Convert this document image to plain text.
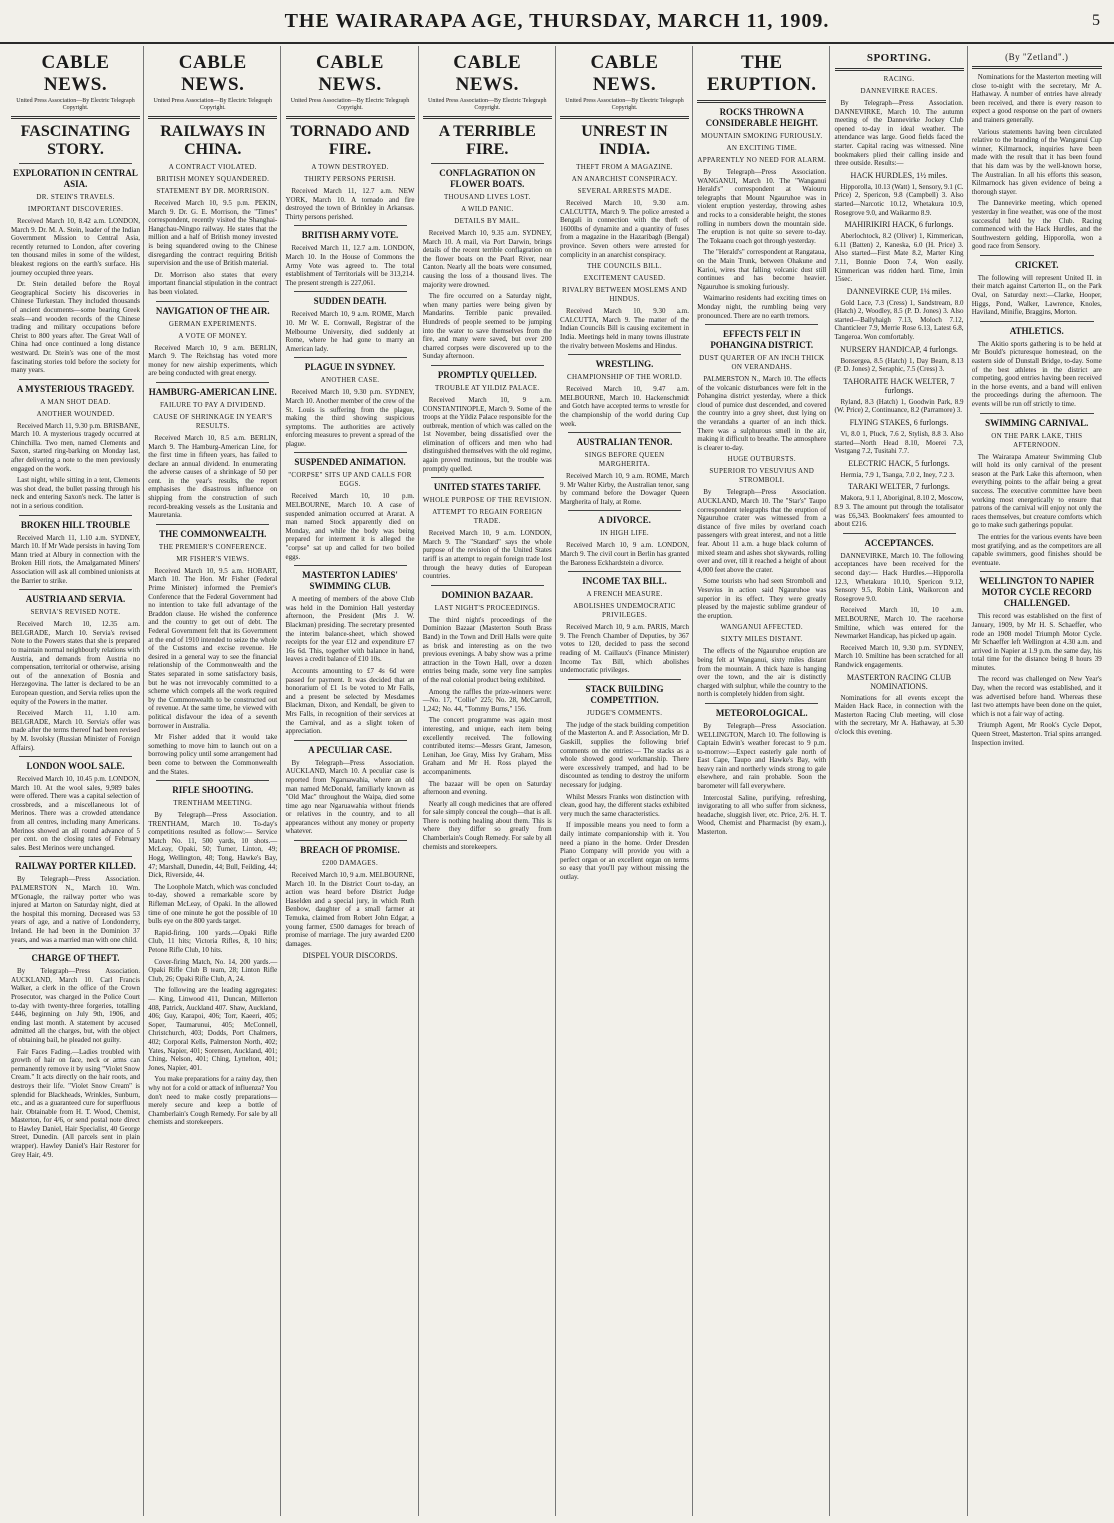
THE WAIRARAPA AGE, THURSDAY, MARCH 11, 1909.	5
CABLE NEWS.
United Press Association—By Electric Telegraph Copyright.
FASCINATING STORY.
EXPLORATION IN CENTRAL ASIA.
DR. STEIN'S TRAVELS.
IMPORTANT DISCOVERIES.
Received March 10, 8.42 a.m. LONDON, March 9. Dr. M. A. Stein, leader of the Indian Government Mission to Central Asia, recently returned to London, after covering ten thousand miles in some of the wildest, bleakest regions on the earth's surface. His journey occupied three years.
Dr. Stein detailed before the Royal Geographical Society his discoveries in Chinese Turkestan. They included thousands of ancient documents—some bearing Greek seals—and wooden records of the Chinese trading and military occupations before Christ to 800 years after. The Great Wall of China had once continued a long distance westward. Dr. Stein's was one of the most fascinating stories told before the society for many years.
A MYSTERIOUS TRAGEDY.
A MAN SHOT DEAD.
ANOTHER WOUNDED.
Received March 11, 9.30 p.m. BRISBANE, March 10. A mysterious tragedy occurred at Chinchilla. Two men, named Clements and Saxon, started ring-barking on Monday last, after delivering a note to the men previously engaged on the work.
Last night, while sitting in a tent, Clements was shot dead, the bullet passing through his neck and entering Saxon's neck. The latter is not in a serious condition.
BROKEN HILL TROUBLE
Received March 11, 1.10 a.m. SYDNEY, March 10. If Mr Wade persists in having Tom Mann tried at Albury in connection with the Broken Hill riots, the Amalgamated Miners' Association will ask all combined unionists at the Barrier to strike.
AUSTRIA AND SERVIA.
SERVIA'S REVISED NOTE.
Received March 10, 12.35 a.m. BELGRADE, March 10. Servia's revised Note to the Powers states that she is prepared to maintain normal neighbourly relations with Austria, and demands from Austria no compensation, territorial or otherwise, arising out of the annexation of Bosnia and Herzegovina. The latter is declared to be an European question, and Servia relies upon the equity of the Powers in the matter.
Received March 11, 1.10 a.m. BELGRADE, March 10. Servia's offer was made after the terms thereof had been revised by M. Isvolsky (Russian Minister of Foreign Affairs).
LONDON WOOL SALE.
Received March 10, 10.45 p.m. LONDON, March 10. At the wool sales, 9,989 bales were offered. There was a capital selection of crossbreds, and a miscellaneous lot of Merinos. There was a crowded attendance from all centres, including many Americans. Merinos showed an all round advance of 5 per cent. on the closing rates of February sales. Best Merinos were unchanged.
RAILWAY PORTER KILLED.
By Telegraph—Press Association. PALMERSTON N., March 10. Wm. M'Gonagle, the railway porter who was injured at Marton on Saturday night, died at the hospital this morning. Deceased was 53 years of age, and a native of Londonderry, Ireland. He had been in the Dominion 37 years, and was a married man with one child.
CHARGE OF THEFT.
By Telegraph—Press Association. AUCKLAND, March 10. Carl Francis Walker, a clerk in the office of the Crown Prosecutor, was charged in the Police Court to-day with twenty-three forgeries, totalling £446, beginning on July 9th, 1906, and ending last month. A statement by accused admitted all the charges, but, with the object of obtaining bail, he pleaded not guilty.
Fair Faces Fading.—Ladies troubled with growth of hair on face, neck or arms can permanently remove it by using "Violet Snow Cream." It acts directly on the hair roots, and destroys their life. "Violet Snow Cream" is splendid for Blackheads, Wrinkles, Sunburn, etc., and as a guaranteed cure for superfluous hair. Obtainable from H. T. Wood, Chemist, Masterton, for 4/6, or send postal note direct to Hawley Daniel, Hair Specialist, 40 George Street, Dunedin. (All parcels sent in plain wrapper). Hawley Daniel's Hair Restorer for Grey Hair, 4/9.
CABLE NEWS.
United Press Association—By Electric Telegraph Copyright.
RAILWAYS IN CHINA.
A CONTRACT VIOLATED.
BRITISH MONEY SQUANDERED.
STATEMENT BY DR. MORRISON.
Received March 10, 9.5 p.m. PEKIN, March 9. Dr. G. E. Morrison, the "Times" correspondent, recently visited the Shanghai-Hangchau-Ningpo railway. He states that the million and a half of British money invested is being squandered owing to the Chinese disregarding the contract requiring British supervision and the use of British material.
Dr. Morrison also states that every important financial stipulation in the contract has been violated.
NAVIGATION OF THE AIR.
GERMAN EXPERIMENTS.
A VOTE OF MONEY.
Received March 10, 9 a.m. BERLIN, March 9. The Reichstag has voted more money for new airship experiments, which are being conducted with great energy.
HAMBURG-AMERICAN LINE.
FAILURE TO PAY A DIVIDEND.
CAUSE OF SHRINKAGE IN YEAR'S RESULTS.
Received March 10, 8.5 a.m. BERLIN, March 9. The Hamburg-American Line, for the first time in fifteen years, has failed to declare an annual dividend. In enumerating the adverse causes of a shrinkage of 50 per cent. in the year's results, the report emphasises the disastrous influence on shipping from the construction of such record-breaking vessels as the Lusitania and Mauretania.
THE COMMONWEALTH.
THE PREMIER'S CONFERENCE.
MR FISHER'S VIEWS.
Received March 10, 9.5 a.m. HOBART, March 10. The Hon. Mr Fisher (Federal Prime Minister) informed the Premier's Conference that the Federal Government had no intention to take full advantage of the Braddon clause. He wished the conference and the country to get out of debt. The Federal Government felt that its Government at the end of 1910 intended to seize the whole of the Customs and excise revenue. He desired in a general way to see the financial relationship of the Commonwealth and the States separated in some satisfactory basis, but he was not irrevocably committed to a scheme which compels all the work required by the Commonwealth to be constructed out of revenue. At the same time, he viewed with political disfavour the idea of a seventh borrower in Australia.
Mr Fisher added that it would take something to move him to launch out on a borrowing policy until some arrangement had been come to between the Commonwealth and the States.
RIFLE SHOOTING.
TRENTHAM MEETING.
By Telegraph—Press Association. TRENTHAM, March 10. To-day's competitions resulted as follow:— Service Match No. 11, 500 yards, 10 shots.—McLeay, Opaki, 50; Turner, Linton, 49; Hogg, Wellington, 48; Tong, Hawke's Bay, 47; Marshall, Dunedin, 44; Bull, Feilding, 44; Dick, Riverside, 44.
The Loophole Match, which was concluded to-day, showed a remarkable score by Rifleman McLeay, of Opaki. In the allowed time of one minute he got the possible of 10 bulls eye on the 800 yards target.
Rapid-firing, 100 yards.—Opaki Rifle Club, 11 hits; Victoria Rifles, 8, 10 hits; Petone Rifle Club, 10 hits.
Cover-firing Match, No. 14, 200 yards.—Opaki Rifle Club B team, 28; Linton Rifle Club, 26; Opaki Rifle Club, A, 24.
The following are the leading aggregates:— King, Linwood 411, Duncan, Millerton 408, Patrick, Auckland 407. Shaw, Auckland, 406; Guy, Karapoi, 406; Torr, Kaeeri, 405; Soper, Taumarunui, 405; McConnell, Christchurch, 403; Dodds, Port Chalmers, 402; Corporal Kells, Palmerston North, 402; Yates, Napier, 401; Sorensen, Auckland, 401; Ching, Nelson, 401; Ching, Lyttelton, 401; Jones, Napier, 401.
You make preparations for a rainy day, then why not for a cold or attack of influenza? You don't need to make costly preparations—merely secure and keep a bottle of Chamberlain's Cough Remedy. For sale by all chemists and storekeepers.
CABLE NEWS.
United Press Association—By Electric Telegraph Copyright.
TORNADO AND FIRE.
A TOWN DESTROYED.
THIRTY PERSONS PERISH.
Received March 11, 12.7 a.m. NEW YORK, March 10. A tornado and fire destroyed the town of Brinkley in Arkansas. Thirty persons perished.
BRITISH ARMY VOTE.
Received March 11, 12.7 a.m. LONDON, March 10. In the House of Commons the Army Vote was agreed to. The total establishment of Territorials will be 313,214. The present strength is 227,061.
SUDDEN DEATH.
Received March 10, 9 a.m. ROME, March 10. Mr W. E. Cornwall, Registrar of the Melbourne University, died suddenly at Rome, where he had gone to marry an American lady.
PLAGUE IN SYDNEY.
ANOTHER CASE.
Received March 10, 9.30 p.m. SYDNEY, March 10. Another member of the crew of the St. Louis is suffering from the plague, making the third showing suspicious symptoms. The authorities are actively enforcing measures to prevent a spread of the plague.
SUSPENDED ANIMATION.
"CORPSE" SITS UP AND CALLS FOR EGGS.
Received March 10, 10 p.m. MELBOURNE, March 10. A case of suspended animation occurred at Ararat. A man named Stock apparently died on Monday, and while the body was being prepared for interment it is alleged the "corpse" sat up and called for two boiled eggs.
MASTERTON LADIES' SWIMMING CLUB.
A meeting of members of the above Club was held in the Dominion Hall yesterday afternoon, the President (Mrs J. W. Blackman) presiding. The secretary presented the interim balance-sheet, which showed receipts for the year £12 and expenditure £7 16s 6d. This, together with balance in hand, leaves a credit balance of £10 10s.
Accounts amounting to £7 4s 6d were passed for payment. It was decided that an honorarium of £1 1s be voted to Mr Falls, and a present be selected by Mesdames Blackman, Dixon, and Kendall, be given to Mrs Falls, in recognition of their services at the Carnival, and as a slight token of appreciation.
A PECULIAR CASE.
By Telegraph—Press Association. AUCKLAND, March 10. A peculiar case is reported from Ngaruawahia, where an old man named McDonald, familiarly known as "Old Mac" throughout the Waipa, died some time ago near Ngaruawahia without friends or relatives in the country, and to all appearances without any money or property whatever.
BREACH OF PROMISE.
£200 DAMAGES.
Received March 10, 9 a.m. MELBOURNE, March 10. In the District Court to-day, an action was heard before District Judge Haselden and a special jury, in which Ruth Benbow, daughter of a small farmer at Temuka, claimed from Robert John Edgar, a young farmer, £500 damages for breach of promise of marriage. The jury awarded £200 damages.
DISPEL YOUR DISCORDS.
CABLE NEWS.
United Press Association—By Electric Telegraph Copyright.
A TERRIBLE FIRE.
CONFLAGRATION ON FLOWER BOATS.
THOUSAND LIVES LOST.
A WILD PANIC.
DETAILS BY MAIL.
Received March 10, 9.35 a.m. SYDNEY, March 10. A mail, via Port Darwin, brings details of the recent terrible conflagration on the flower boats on the Pearl River, near Canton. Nearly all the boats were consumed, causing the loss of a thousand lives. The majority were drowned.
The fire occurred on a Saturday night, when many parties were being given by Mandarins. Terrible panic prevailed. Hundreds of people seemed to be jumping into the water to save themselves from the fire, and many were saved, but over 200 charred corpses were discovered up to the Sunday afternoon.
PROMPTLY QUELLED.
TROUBLE AT YILDIZ PALACE.
Received March 10, 9 a.m. CONSTANTINOPLE, March 9. Some of the troops at the Yildiz Palace responsible for the outbreak, mention of which was called on the 1st November, being dissatisfied over the elimination of officers and men who had distinguished themselves with the old regime, again proved mutinous, but the trouble was promptly quelled.
UNITED STATES TARIFF.
WHOLE PURPOSE OF THE REVISION.
ATTEMPT TO REGAIN FOREIGN TRADE.
Received March 10, 9 a.m. LONDON, March 9. The "Standard" says the whole purpose of the revision of the United States tariff is an attempt to regain foreign trade lost through the heavy duties of European countries.
DOMINION BAZAAR.
LAST NIGHT'S PROCEEDINGS.
The third night's proceedings of the Dominion Bazaar (Masterton South Brass Band) in the Town and Drill Halls were quite as brisk and interesting as on the two previous evenings. A baby show was a prime attraction in the Town Hall, over a dozen entries being made, some very fine samples of the real colonial product being exhibited.
Among the raffles the prize-winners were:—No. 17, "Collie" 225; No. 28, McCarroll, 1,242; No. 44, "Tommy Burns," 156.
The concert programme was again most interesting, and unique, each item being excellently received. The following contributed items:—Messrs Grant, Jameson, Lenihan, Joe Gray, Miss Ivy Graham, Miss Graham and Mr H. Ross played the accompaniments.
The bazaar will be open on Saturday afternoon and evening.
Nearly all cough medicines that are offered for sale simply conceal the cough—that is all. There is nothing healing about them. This is where they differ so greatly from Chamberlain's Cough Remedy. For sale by all chemists and storekeepers.
CABLE NEWS.
United Press Association—By Electric Telegraph Copyright.
UNREST IN INDIA.
THEFT FROM A MAGAZINE.
AN ANARCHIST CONSPIRACY.
SEVERAL ARRESTS MADE.
Received March 10, 9.30 a.m. CALCUTTA, March 9. The police arrested a Bengali in connection with the theft of 1600lbs of dynamite and a quantity of fuses from a magazine in the Hazaribagh (Bengal) province. Seven others were arrested for complicity in an anarchist conspiracy.
THE COUNCILS BILL.
EXCITEMENT CAUSED.
RIVALRY BETWEEN MOSLEMS AND HINDUS.
Received March 10, 9.30 a.m. CALCUTTA, March 9. The matter of the Indian Councils Bill is causing excitement in India. Meetings held in many towns illustrate the rivalry between Moslems and Hindus.
WRESTLING.
CHAMPIONSHIP OF THE WORLD.
Received March 10, 9.47 a.m. MELBOURNE, March 10. Hackenschmidt and Gotch have accepted terms to wrestle for the championship of the world during Cup week.
AUSTRALIAN TENOR.
SINGS BEFORE QUEEN MARGHERITA.
Received March 10, 9 a.m. ROME, March 9. Mr Walter Kirby, the Australian tenor, sang by command before the Dowager Queen Margherita of Italy, at Rome.
A DIVORCE.
IN HIGH LIFE.
Received March 10, 9 a.m. LONDON, March 9. The civil court in Berlin has granted the Baroness Eckhardstein a divorce.
INCOME TAX BILL.
A FRENCH MEASURE.
ABOLISHES UNDEMOCRATIC PRIVILEGES.
Received March 10, 9 a.m. PARIS, March 9. The French Chamber of Deputies, by 367 votes to 120, decided to pass the second reading of M. Caillaux's (Finance Minister) Income Tax Bill, which abolishes undemocratic privileges.
STACK BUILDING COMPETITION.
JUDGE'S COMMENTS.
The judge of the stack building competition of the Masterton A. and P. Association, Mr D. Gaskill, supplies the following brief comments on the entries:— The stacks as a whole showed good workmanship. There were excessively tramped, and had to be discounted as tending to destroy the uniform necessary for judging.
Whilst Messrs Franks won distinction with clean, good hay, the different stacks exhibited very much the same characteristics.
If impossible means you need to form a daily intimate companionship with it. You need a piano in the home. Order Dresden Piano Company will provide you with a perfect organ or an excellent organ on terms so easy that you'll pay without missing the outlay.
THE ERUPTION.
ROCKS THROWN A CONSIDERABLE HEIGHT.
MOUNTAIN SMOKING FURIOUSLY.
AN EXCITING TIME.
APPARENTLY NO NEED FOR ALARM.
By Telegraph—Press Association. WANGANUI, March 10. The "Wanganui Herald's" correspondent at Waiouru telegraphs that Mount Ngauruhoe was in violent eruption yesterday, throwing ashes and rocks to a considerable height, the stones rolling in numbers down the mountain side. The eruption is not quite so severe to-day. The Tokaanu coach got through yesterday.
The "Herald's" correspondent at Rangataua, on the Main Trunk, between Ohakune and Karioi, wires that falling volcanic dust still continues and has become heavier. Ngauruhoe is smoking furiously.
Waimarino residents had exciting times on Monday night, the rumbling being very pronounced. There are no earth tremors.
EFFECTS FELT IN POHANGINA DISTRICT.
DUST QUARTER OF AN INCH THICK ON VERANDAHS.
PALMERSTON N., March 10. The effects of the volcanic disturbances were felt in the Pohangina district yesterday, where a thick cloud of pumice dust descended, and covered the country into a grey sheet, dust lying on the verandahs a quarter of an inch thick. There was a sulphurous smell in the air, making it difficult to breathe. The atmosphere is clearer to-day.
HUGE OUTBURSTS.
SUPERIOR TO VESUVIUS AND STROMBOLI.
By Telegraph—Press Association. AUCKLAND, March 10. The "Star's" Taupo correspondent telegraphs that the eruption of Ngauruhoe crater was witnessed from a distance of five miles by overland coach passengers with great interest, and not a little fear. About 11 a.m. a huge black column of mixed steam and ashes shot skywards, rolling over and over, till it reached a height of about 4,000 feet above the crater.
Some tourists who had seen Stromboli and Vesuvius in action said Ngauruhoe was superior in its effect. They were greatly pleased by the majestic sublime grandeur of the eruption.
WANGANUI AFFECTED.
SIXTY MILES DISTANT.
The effects of the Ngauruhoe eruption are being felt at Wanganui, sixty miles distant from the mountain. A thick haze is hanging over the town, and the air is distinctly charged with sulphur, while the country to the north is completely hidden from sight.
METEOROLOGICAL.
By Telegraph—Press Association. WELLINGTON, March 10. The following is Captain Edwin's weather forecast to 9 p.m. to-morrow:—Expect easterly gale north of East Cape, Taupo and Hawke's Bay, with heavy rain and northerly winds strong to gale elsewhere, and rain probable. Soon the barometer will fall everywhere.
Intercostal Saline, purifying, refreshing, invigorating to all who suffer from sickness, headache, sluggish liver, etc. Price, 2/6. H. T. Wood, Chemist and Pharmacist (by exam.), Masterton.
SPORTING.
RACING.
DANNEVIRKE RACES.
By Telegraph—Press Association. DANNEVIRKE, March 10. The autumn meeting of the Dannevirke Jockey Club opened to-day in ideal weather. The attendance was large. Good fields faced the starter. Capital racing was witnessed. Nine bookmakers plied their calling inside and three outside. Results:—
HACK HURDLES, 1½ miles.
Hipporolla, 10.13 (Watt) 1, Sensory, 9.1 (C. Price) 2, Spericon, 9.8 (Campbell) 3. Also started—Narcotic 10.12, Whetakura 10.9, Rosegrove 9.0, and Waikarmo 8.9.
MAHIRIKIRI HACK, 6 furlongs.
Aberlochtock, 8.2 (Oliver) 1, Kimmerican, 6.11 (Batten) 2, Kaneska, 6.0 (H. Price) 3. Also started—First Mate 8.2, Marter King 7.11, Bonnie Doon 7.4, Won easily. Kimmerican was ridden hard. Time, 1min 15sec.
DANNEVIRKE CUP, 1¼ miles.
Gold Lace, 7.3 (Cress) 1, Sandstream, 8.0 (Hatch) 2, Woodley, 8.5 (P. D. Jones) 3. Also started—Ballyhaigh 7.13, Moloch 7.12, Chanticleer 7.9, Merrie Rose 6.13, Latest 6.8, Tangeroa. Won comfortably.
NURSERY HANDICAP, 4 furlongs.
Bonsergea, 8.5 (Hatch) 1, Day Beam, 8.13 (P. D. Jones) 2, Seraphic, 7.5 (Cress) 3.
TAHORAITE HACK WELTER, 7 furlongs.
Ryland, 8.3 (Hatch) 1, Goodwin Park, 8.9 (W. Price) 2, Continuance, 8.2 (Parramore) 3.
FLYING STAKES, 6 furlongs.
Vi, 8.0 1, Pluck, 7.6 2, Stylish, 8.8 3. Also started—North Head 8.10, Moerei 7.3, Vestgang 7.2, Tusitahi 7.7.
ELECTRIC HACK, 5 furlongs.
Hermia, 7.9 1, Tsanga, 7.0 2, Iney, 7.2 3.
TARAKI WELTER, 7 furlongs.
Makora, 9.1 1, Aboriginal, 8.10 2, Moscow, 8.9 3. The amount put through the totalisator was £6,343. Bookmakers' fees amounted to about £216.
ACCEPTANCES.
DANNEVIRKE, March 10. The following acceptances have been received for the second day:— Hack Hurdles.—Hipporolla 12.3, Whetakura 10.10, Spericon 9.12, Sensory 9.5, Robin Link, Waikorcon and Rosegrove 9.0.
Received March 10, 10 a.m. MELBOURNE, March 10. The racehorse Smiltine, which was entered for the Newmarket Handicap, has picked up again.
Received March 10, 9.30 p.m. SYDNEY, March 10. Smiltine has been scratched for all Randwick engagements.
MASTERTON RACING CLUB NOMINATIONS.
Nominations for all events except the Maiden Hack Race, in connection with the Masterton Racing Club meeting, will close with the secretary, Mr A. Hathaway, at 5.30 o'clock this evening.
(By "Zetland".)
Nominations for the Masterton meeting will close to-night with the secretary, Mr A. Hathaway. A number of entries have already been received, and there is every reason to expect a good response on the part of owners and trainers generally.
Various statements having been circulated relative to the branding of the Wanganui Cup winner, Kilmarnock, inquiries have been made with the result that it has been found that his dam was by the well-known horse, The Australian. In all his efforts this season, Kilmarnock has given evidence of being a thorough stayer.
The Dannevirke meeting, which opened yesterday in fine weather, was one of the most successful held by the Club. Racing commenced with the Hack Hurdles, and the Southwestern gelding, Hipporolla, won a good race from Sensory.
CRICKET.
The following will represent United II. in their match against Carterton II., on the Park Oval, on Saturday next:—Clarke, Hooper, Higgs, Pond, Walker, Lawrence, Knoles, Haviland, Minifie, Braggins, Morton.
ATHLETICS.
The Akitio sports gathering is to be held at Mr Bould's picturesque homestead, on the eastern side of Dunstall Bridge, to-day. Some of the best athletes in the district are competing, good entries having been received in the horse events, and a band will enliven the proceedings during the afternoon. The events will be run off strictly to time.
SWIMMING CARNIVAL.
ON THE PARK LAKE, THIS AFTERNOON.
The Wairarapa Amateur Swimming Club will hold its only carnival of the present season at the Park Lake this afternoon, when everything points to the affair being a great success. The executive committee have been working most energetically to ensure that patrons of the carnival will enjoy not only the races themselves, but creature comforts which go to make such gatherings popular.
The entries for the various events have been most gratifying, and as the competitors are all capable swimmers, good finishes should be eventuate.
WELLINGTON TO NAPIER MOTOR CYCLE RECORD CHALLENGED.
This record was established on the first of January, 1909, by Mr H. S. Schaeffer, who rode an 1908 model Triumph Motor Cycle. Mr Schaeffer left Wellington at 4.30 a.m. and arrived in Napier at 1.9 p.m. the same day, his total time for the distance being 8 hours 39 minutes.
The record was challenged on New Year's Day, when the record was established, and it was advertised before hand. Whereas these last two attempts have been done on the quiet, which is not a fair way of acting.
Triumph Agent, Mr Rook's Cycle Depot, Queen Street, Masterton. Trial spins arranged. Inspection invited.
